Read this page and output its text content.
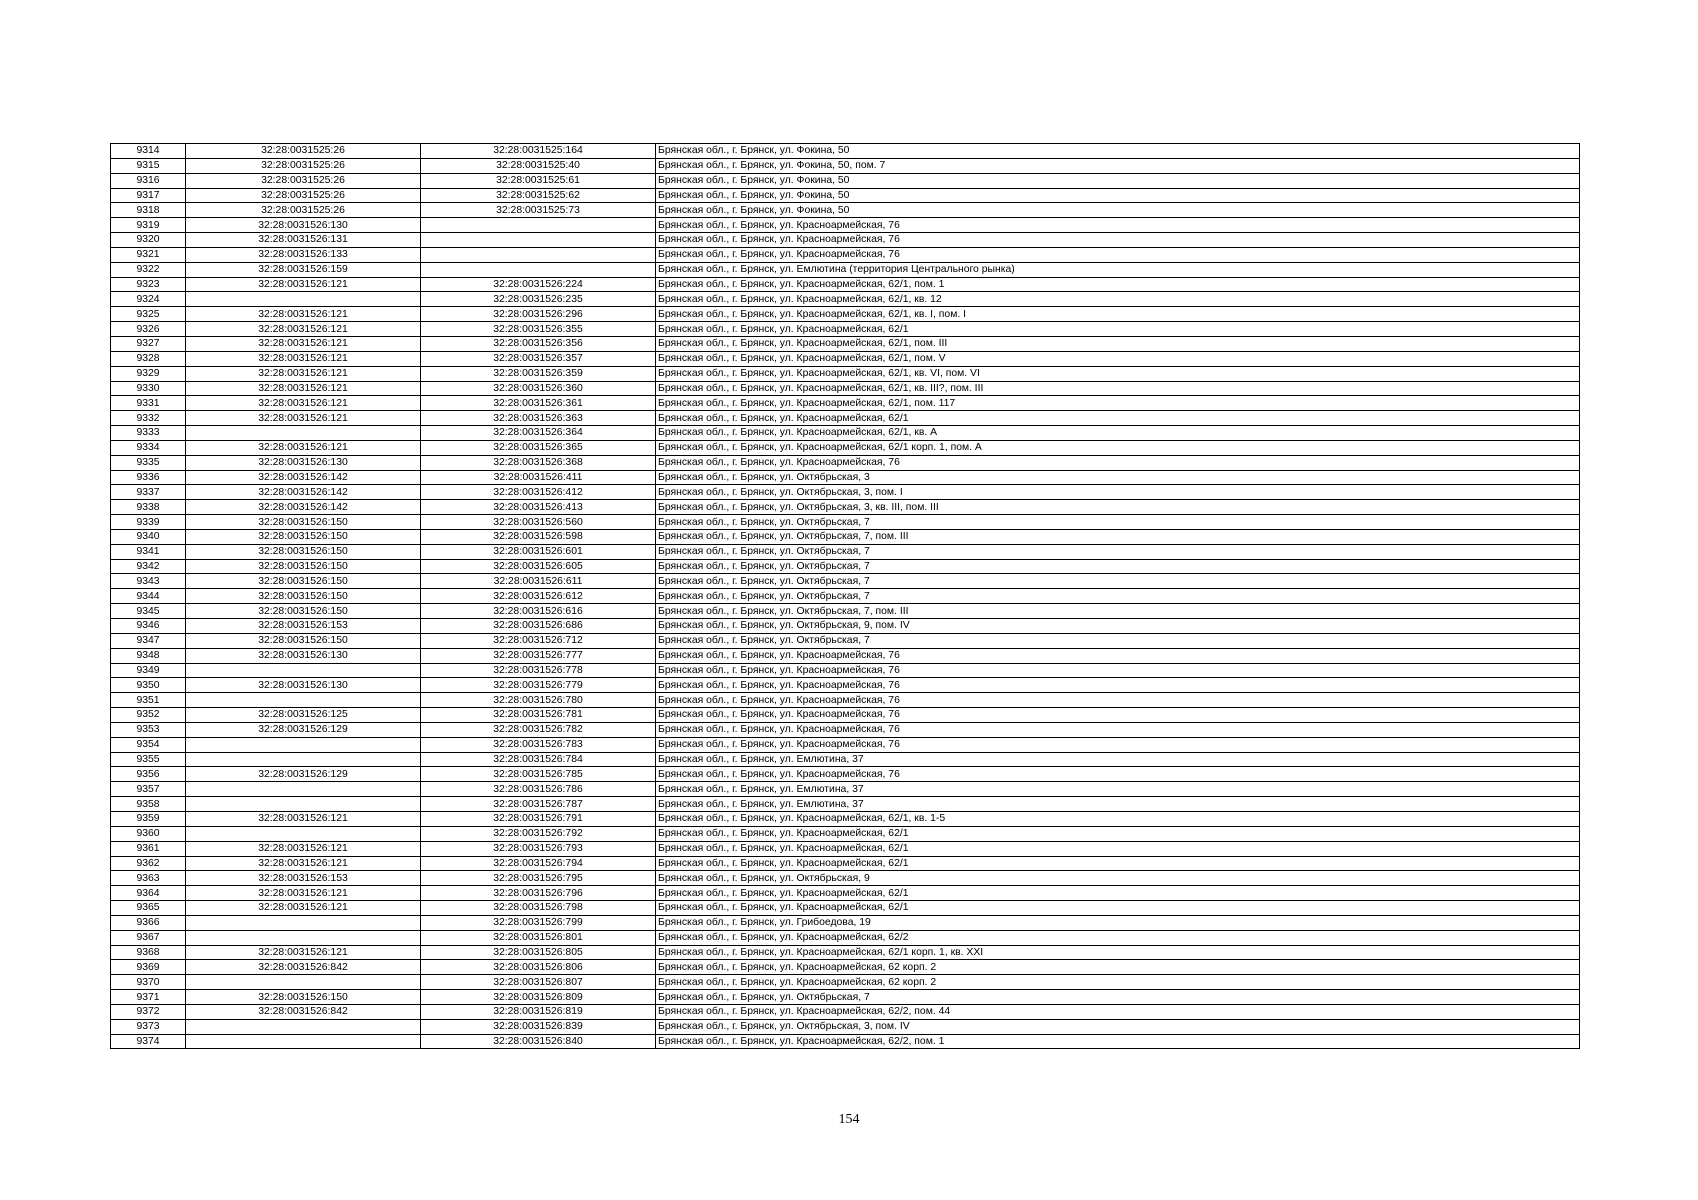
9314	32:28:0031525:26	32:28:0031525:164	Брянская обл., г. Брянск, ул. Фокина, 50
9315	32:28:0031525:26	32:28:0031525:40	Брянская обл., г. Брянск, ул. Фокина, 50, пом. 7
9316	32:28:0031525:26	32:28:0031525:61	Брянская обл., г. Брянск, ул. Фокина, 50
9317	32:28:0031525:26	32:28:0031525:62	Брянская обл., г. Брянск, ул. Фокина, 50
9318	32:28:0031525:26	32:28:0031525:73	Брянская обл., г. Брянск, ул. Фокина, 50
9319	32:28:0031526:130		Брянская обл., г. Брянск, ул. Красноармейская, 76
9320	32:28:0031526:131		Брянская обл., г. Брянск, ул. Красноармейская, 76
9321	32:28:0031526:133		Брянская обл., г. Брянск, ул. Красноармейская, 76
9322	32:28:0031526:159		Брянская обл., г. Брянск, ул. Емлютина (территория Центрального рынка)
9323	32:28:0031526:121	32:28:0031526:224	Брянская обл., г. Брянск, ул. Красноармейская, 62/1, пом. 1
9324		32:28:0031526:235	Брянская обл., г. Брянск, ул. Красноармейская, 62/1, кв. 12
9325	32:28:0031526:121	32:28:0031526:296	Брянская обл., г. Брянск, ул. Красноармейская, 62/1, кв. I, пом. I
9326	32:28:0031526:121	32:28:0031526:355	Брянская обл., г. Брянск, ул. Красноармейская, 62/1
9327	32:28:0031526:121	32:28:0031526:356	Брянская обл., г. Брянск, ул. Красноармейская, 62/1, пом. III
9328	32:28:0031526:121	32:28:0031526:357	Брянская обл., г. Брянск, ул. Красноармейская, 62/1, пом. V
9329	32:28:0031526:121	32:28:0031526:359	Брянская обл., г. Брянск, ул. Красноармейская, 62/1, кв. VI, пом. VI
9330	32:28:0031526:121	32:28:0031526:360	Брянская обл., г. Брянск, ул. Красноармейская, 62/1, кв. III?, пом. III
9331	32:28:0031526:121	32:28:0031526:361	Брянская обл., г. Брянск, ул. Красноармейская, 62/1, пом. 117
9332	32:28:0031526:121	32:28:0031526:363	Брянская обл., г. Брянск, ул. Красноармейская, 62/1
9333		32:28:0031526:364	Брянская обл., г. Брянск, ул. Красноармейская, 62/1, кв. А
9334	32:28:0031526:121	32:28:0031526:365	Брянская обл., г. Брянск, ул. Красноармейская, 62/1 корп. 1, пом. А
9335	32:28:0031526:130	32:28:0031526:368	Брянская обл., г. Брянск, ул. Красноармейская, 76
9336	32:28:0031526:142	32:28:0031526:411	Брянская обл., г. Брянск, ул. Октябрьская, 3
9337	32:28:0031526:142	32:28:0031526:412	Брянская обл., г. Брянск, ул. Октябрьская, 3, пом. I
9338	32:28:0031526:142	32:28:0031526:413	Брянская обл., г. Брянск, ул. Октябрьская, 3, кв. III, пом. III
9339	32:28:0031526:150	32:28:0031526:560	Брянская обл., г. Брянск, ул. Октябрьская, 7
9340	32:28:0031526:150	32:28:0031526:598	Брянская обл., г. Брянск, ул. Октябрьская, 7, пом. III
9341	32:28:0031526:150	32:28:0031526:601	Брянская обл., г. Брянск, ул. Октябрьская, 7
9342	32:28:0031526:150	32:28:0031526:605	Брянская обл., г. Брянск, ул. Октябрьская, 7
9343	32:28:0031526:150	32:28:0031526:611	Брянская обл., г. Брянск, ул. Октябрьская, 7
9344	32:28:0031526:150	32:28:0031526:612	Брянская обл., г. Брянск, ул. Октябрьская, 7
9345	32:28:0031526:150	32:28:0031526:616	Брянская обл., г. Брянск, ул. Октябрьская, 7, пом. III
9346	32:28:0031526:153	32:28:0031526:686	Брянская обл., г. Брянск, ул. Октябрьская, 9, пом. IV
9347	32:28:0031526:150	32:28:0031526:712	Брянская обл., г. Брянск, ул. Октябрьская, 7
9348	32:28:0031526:130	32:28:0031526:777	Брянская обл., г. Брянск, ул. Красноармейская, 76
9349		32:28:0031526:778	Брянская обл., г. Брянск, ул. Красноармейская, 76
9350	32:28:0031526:130	32:28:0031526:779	Брянская обл., г. Брянск, ул. Красноармейская, 76
9351		32:28:0031526:780	Брянская обл., г. Брянск, ул. Красноармейская, 76
9352	32:28:0031526:125	32:28:0031526:781	Брянская обл., г. Брянск, ул. Красноармейская, 76
9353	32:28:0031526:129	32:28:0031526:782	Брянская обл., г. Брянск, ул. Красноармейская, 76
9354		32:28:0031526:783	Брянская обл., г. Брянск, ул. Красноармейская, 76
9355		32:28:0031526:784	Брянская обл., г. Брянск, ул. Емлютина, 37
9356	32:28:0031526:129	32:28:0031526:785	Брянская обл., г. Брянск, ул. Красноармейская, 76
9357		32:28:0031526:786	Брянская обл., г. Брянск, ул. Емлютина, 37
9358		32:28:0031526:787	Брянская обл., г. Брянск, ул. Емлютина, 37
9359	32:28:0031526:121	32:28:0031526:791	Брянская обл., г. Брянск, ул. Красноармейская, 62/1, кв. 1-5
9360		32:28:0031526:792	Брянская обл., г. Брянск, ул. Красноармейская, 62/1
9361	32:28:0031526:121	32:28:0031526:793	Брянская обл., г. Брянск, ул. Красноармейская, 62/1
9362	32:28:0031526:121	32:28:0031526:794	Брянская обл., г. Брянск, ул. Красноармейская, 62/1
9363	32:28:0031526:153	32:28:0031526:795	Брянская обл., г. Брянск, ул. Октябрьская, 9
9364	32:28:0031526:121	32:28:0031526:796	Брянская обл., г. Брянск, ул. Красноармейская, 62/1
9365	32:28:0031526:121	32:28:0031526:798	Брянская обл., г. Брянск, ул. Красноармейская, 62/1
9366		32:28:0031526:799	Брянская обл., г. Брянск, ул. Грибоедова, 19
9367		32:28:0031526:801	Брянская обл., г. Брянск, ул. Красноармейская, 62/2
9368	32:28:0031526:121	32:28:0031526:805	Брянская обл., г. Брянск, ул. Красноармейская, 62/1 корп. 1, кв. XXI
9369	32:28:0031526:842	32:28:0031526:806	Брянская обл., г. Брянск, ул. Красноармейская, 62 корп. 2
9370		32:28:0031526:807	Брянская обл., г. Брянск, ул. Красноармейская, 62 корп. 2
9371	32:28:0031526:150	32:28:0031526:809	Брянская обл., г. Брянск, ул. Октябрьская, 7
9372	32:28:0031526:842	32:28:0031526:819	Брянская обл., г. Брянск, ул. Красноармейская, 62/2, пом. 44
9373		32:28:0031526:839	Брянская обл., г. Брянск, ул. Октябрьская, 3, пом. IV
9374		32:28:0031526:840	Брянская обл., г. Брянск, ул. Красноармейская, 62/2, пом. 1
154
